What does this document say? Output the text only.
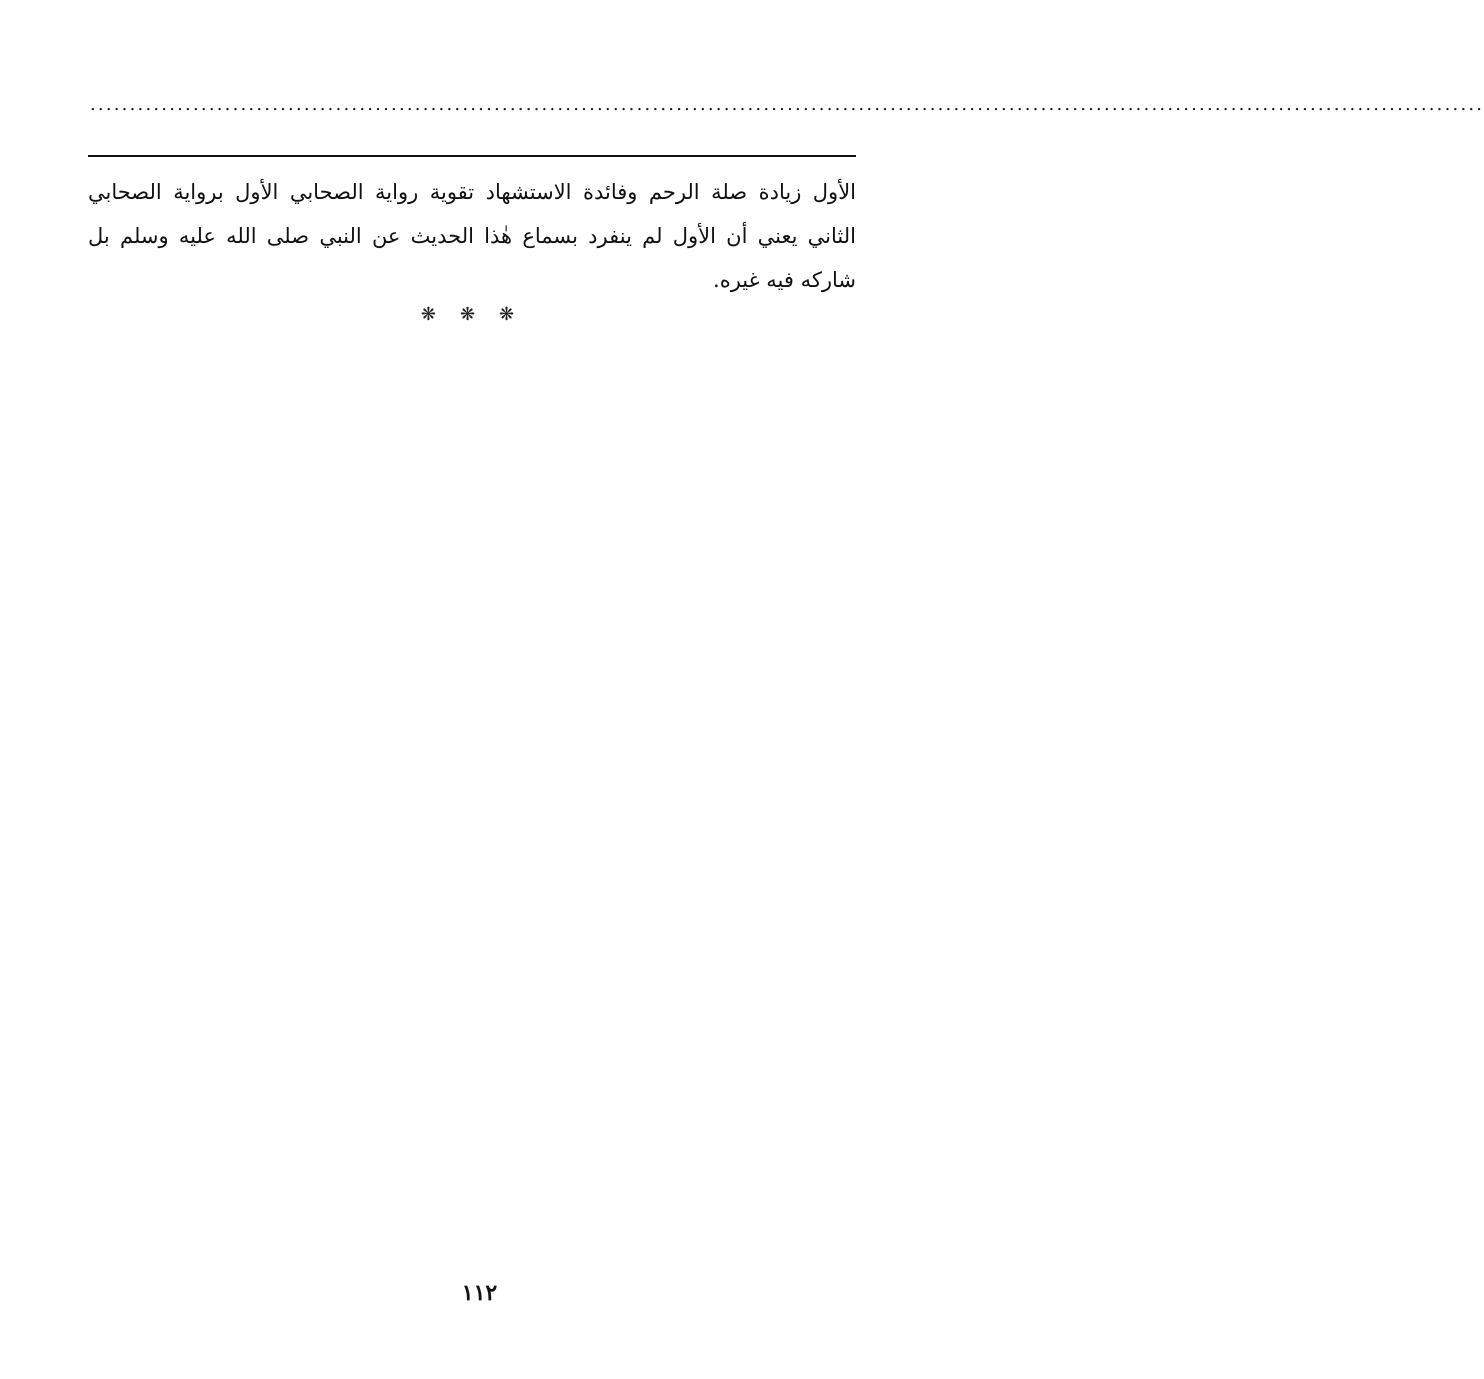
................................................................................................................................................................................
الأول زيادة صلة الرحم وفائدة الاستشهاد تقوية رواية الصحابي الأول برواية الصحابي
الثاني يعني أن الأول لم ينفرد بسماع هٰذا الحديث عن النبي صلى الله عليه وسلم بل
شاركه فيه غيره.
❋❋❋
١١٢
